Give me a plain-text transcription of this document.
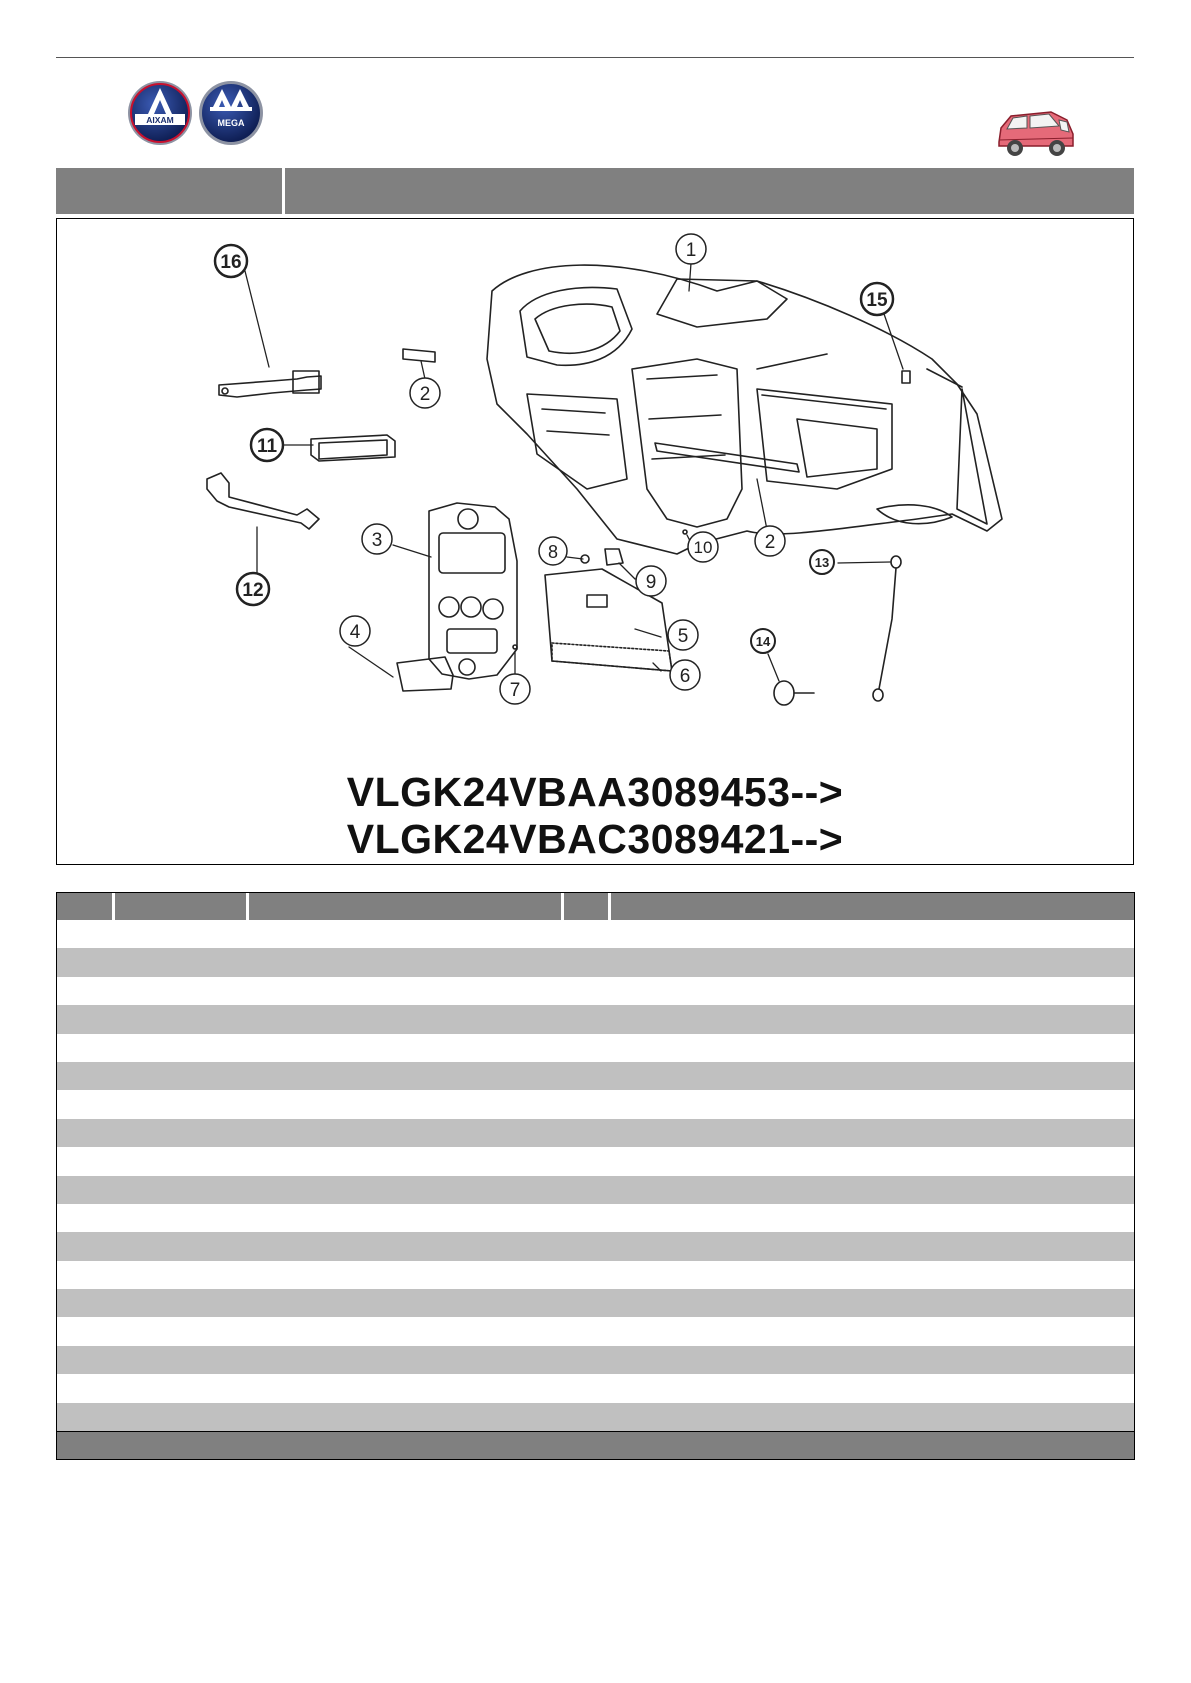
AIXAM	MEGA
1
2
2
3
4	5
6
7
8
9
10
11
12
13
14
15
16
VLGK24VBAA3089453-->
VLGK24VBAC3089421-->
